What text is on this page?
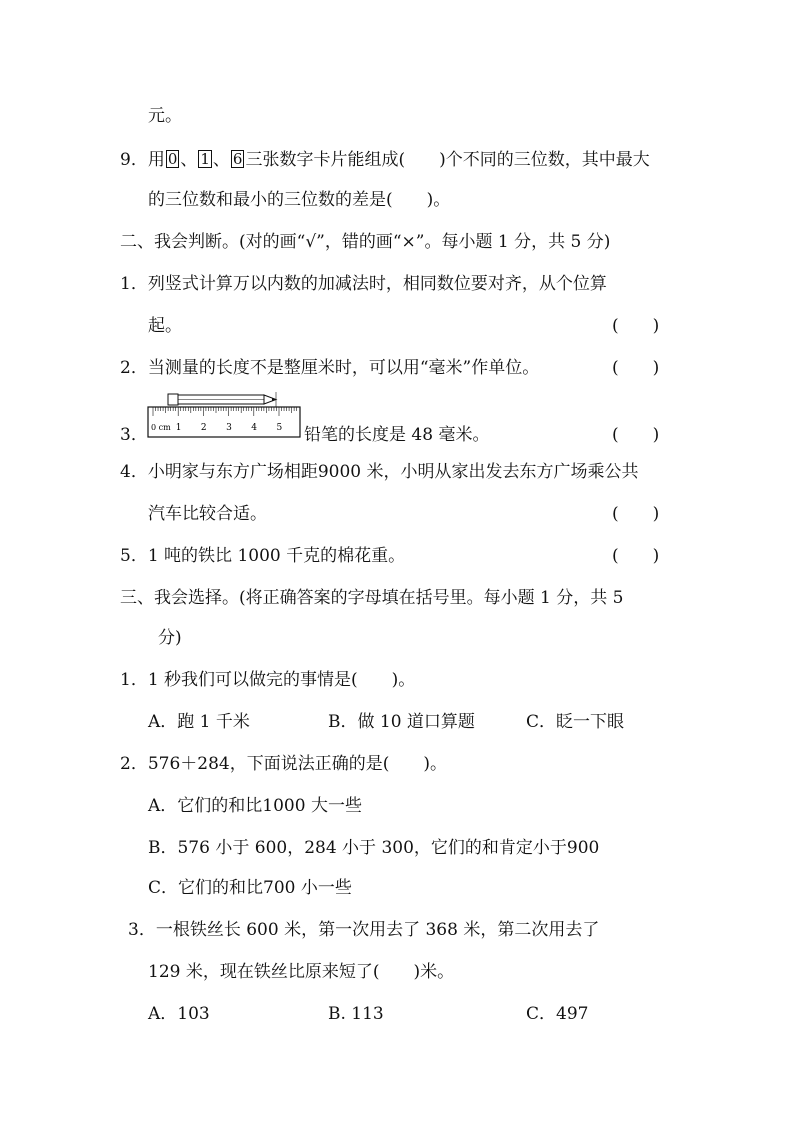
元。
9．用 0 、 1 、 6 三张数字卡片能组成(　　)个不同的三位数，其中最大
的三位数和最小的三位数的差是(　　)。
二、我会判断。(对的画“√”，错的画“×”。每小题 1 分，共 5 分)
1．列竖式计算万以内数的加减法时，相同数位要对齐，从个位算
起。	(　　)
2．当测量的长度不是整厘米时，可以用“毫米”作单位。	(　　)
3． 0 cm 1 2 3 4 5 铅笔的长度是 48 毫米。	(　　)
4．小明家与东方广场相距9000 米，小明从家出发去东方广场乘公共
汽车比较合适。	(　　)
5．1 吨的铁比 1000 千克的棉花重。	(　　)
三、我会选择。(将正确答案的字母填在括号里。每小题 1 分，共 5
分)
1．1 秒我们可以做完的事情是(　　)。
A．跑 1 千米	B．做 10 道口算题	C．眨一下眼
2．576＋284，下面说法正确的是(　　)。
A．它们的和比1000 大一些
B．576 小于 600，284 小于 300，它们的和肯定小于900
C．它们的和比700 小一些
3．一根铁丝长 600 米，第一次用去了 368 米，第二次用去了
129 米，现在铁丝比原来短了(　　)米。
A．103	B. 113	C．497
